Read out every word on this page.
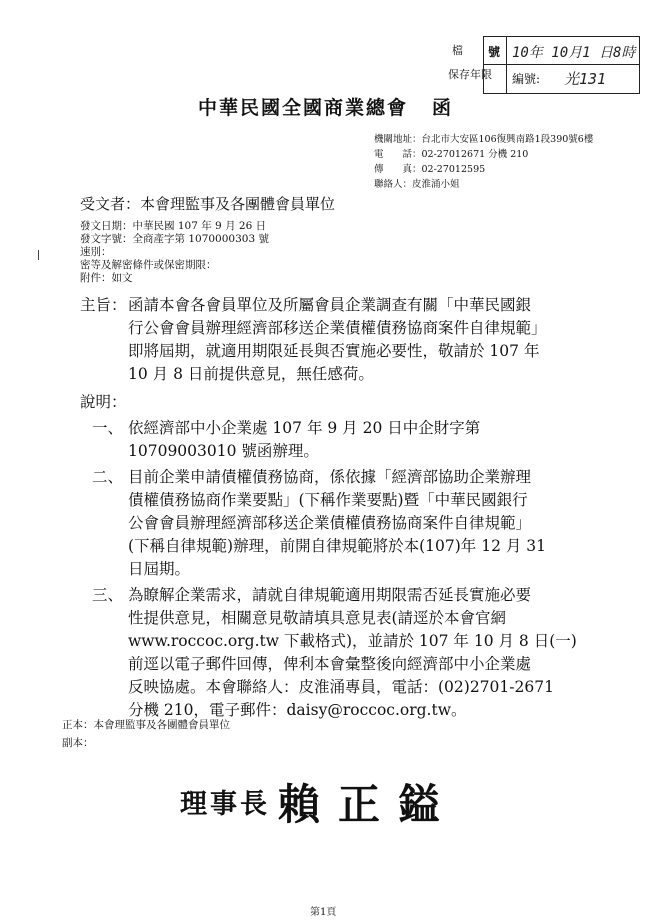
檔
保存年限
號 10年 10月1 日8時
編號: 光131
中華民國全國商業總會 函
機關地址：台北市大安區106復興南路1段390號6樓
電　　話：02-27012671 分機 210
傳　　真：02-27012595
聯絡人：皮淮涌小姐
受文者：本會理監事及各團體會員單位
發文日期：中華民國 107 年 9 月 26 日
發文字號：全商產字第 1070000303 號
速別：
密等及解密條件或保密期限：
附件：如文
主旨： 函請本會各會員單位及所屬會員企業調查有關「中華民國銀
行公會會員辦理經濟部移送企業債權債務協商案件自律規範」
即將屆期，就適用期限延長與否實施必要性，敬請於 107 年
10 月 8 日前提供意見，無任感荷。
說明：
一、 依經濟部中小企業處 107 年 9 月 20 日中企財字第
10709003010 號函辦理。
二、 目前企業申請債權債務協商，係依據「經濟部協助企業辦理
債權債務協商作業要點」(下稱作業要點)暨「中華民國銀行
公會會員辦理經濟部移送企業債權債務協商案件自律規範」
(下稱自律規範)辦理，前開自律規範將於本(107)年 12 月 31
日屆期。
三、 為瞭解企業需求，請就自律規範適用期限需否延長實施必要
性提供意見，相關意見敬請填具意見表(請逕於本會官網
www.roccoc.org.tw 下載格式)，並請於 107 年 10 月 8 日(一)
前逕以電子郵件回傳，俾利本會彙整後向經濟部中小企業處
反映協處。本會聯絡人：皮淮涌專員，電話：(02)2701-2671
分機 210，電子郵件：daisy@roccoc.org.tw。
正本：本會理監事及各團體會員單位
副本：
理事長 賴正鎰
第1頁
